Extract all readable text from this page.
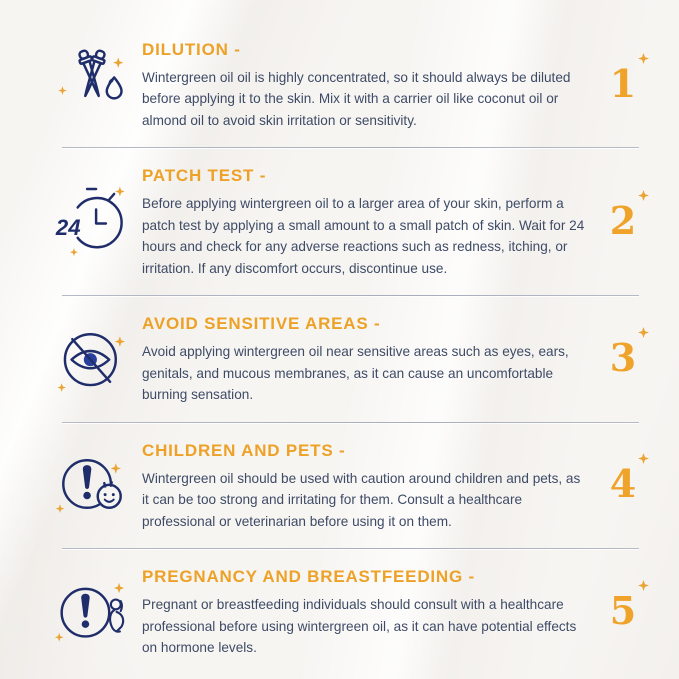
DILUTION -

Wintergreen oil oil is highly concentrated, so it should always be diluted before applying it to the skin. Mix it with a carrier oil like coconut oil or almond oil to avoid skin irritation or sensitivity.

1
24
PATCH TEST -

Before applying wintergreen oil to a larger area of your skin, perform a patch test by applying a small amount to a small patch of skin. Wait for 24 hours and check for any adverse reactions such as redness, itching, or irritation. If any discomfort occurs, discontinue use.

2
AVOID SENSITIVE AREAS -

Avoid applying wintergreen oil near sensitive areas such as eyes, ears, genitals, and mucous membranes, as it can cause an uncomfortable burning sensation.

3
CHILDREN AND PETS -

Wintergreen oil should be used with caution around children and pets, as it can be too strong and irritating for them. Consult a healthcare professional or veterinarian before using it on them.

4
PREGNANCY AND BREASTFEEDING -

Pregnant or breastfeeding individuals should consult with a healthcare professional before using wintergreen oil, as it can have potential effects on hormone levels.

5
